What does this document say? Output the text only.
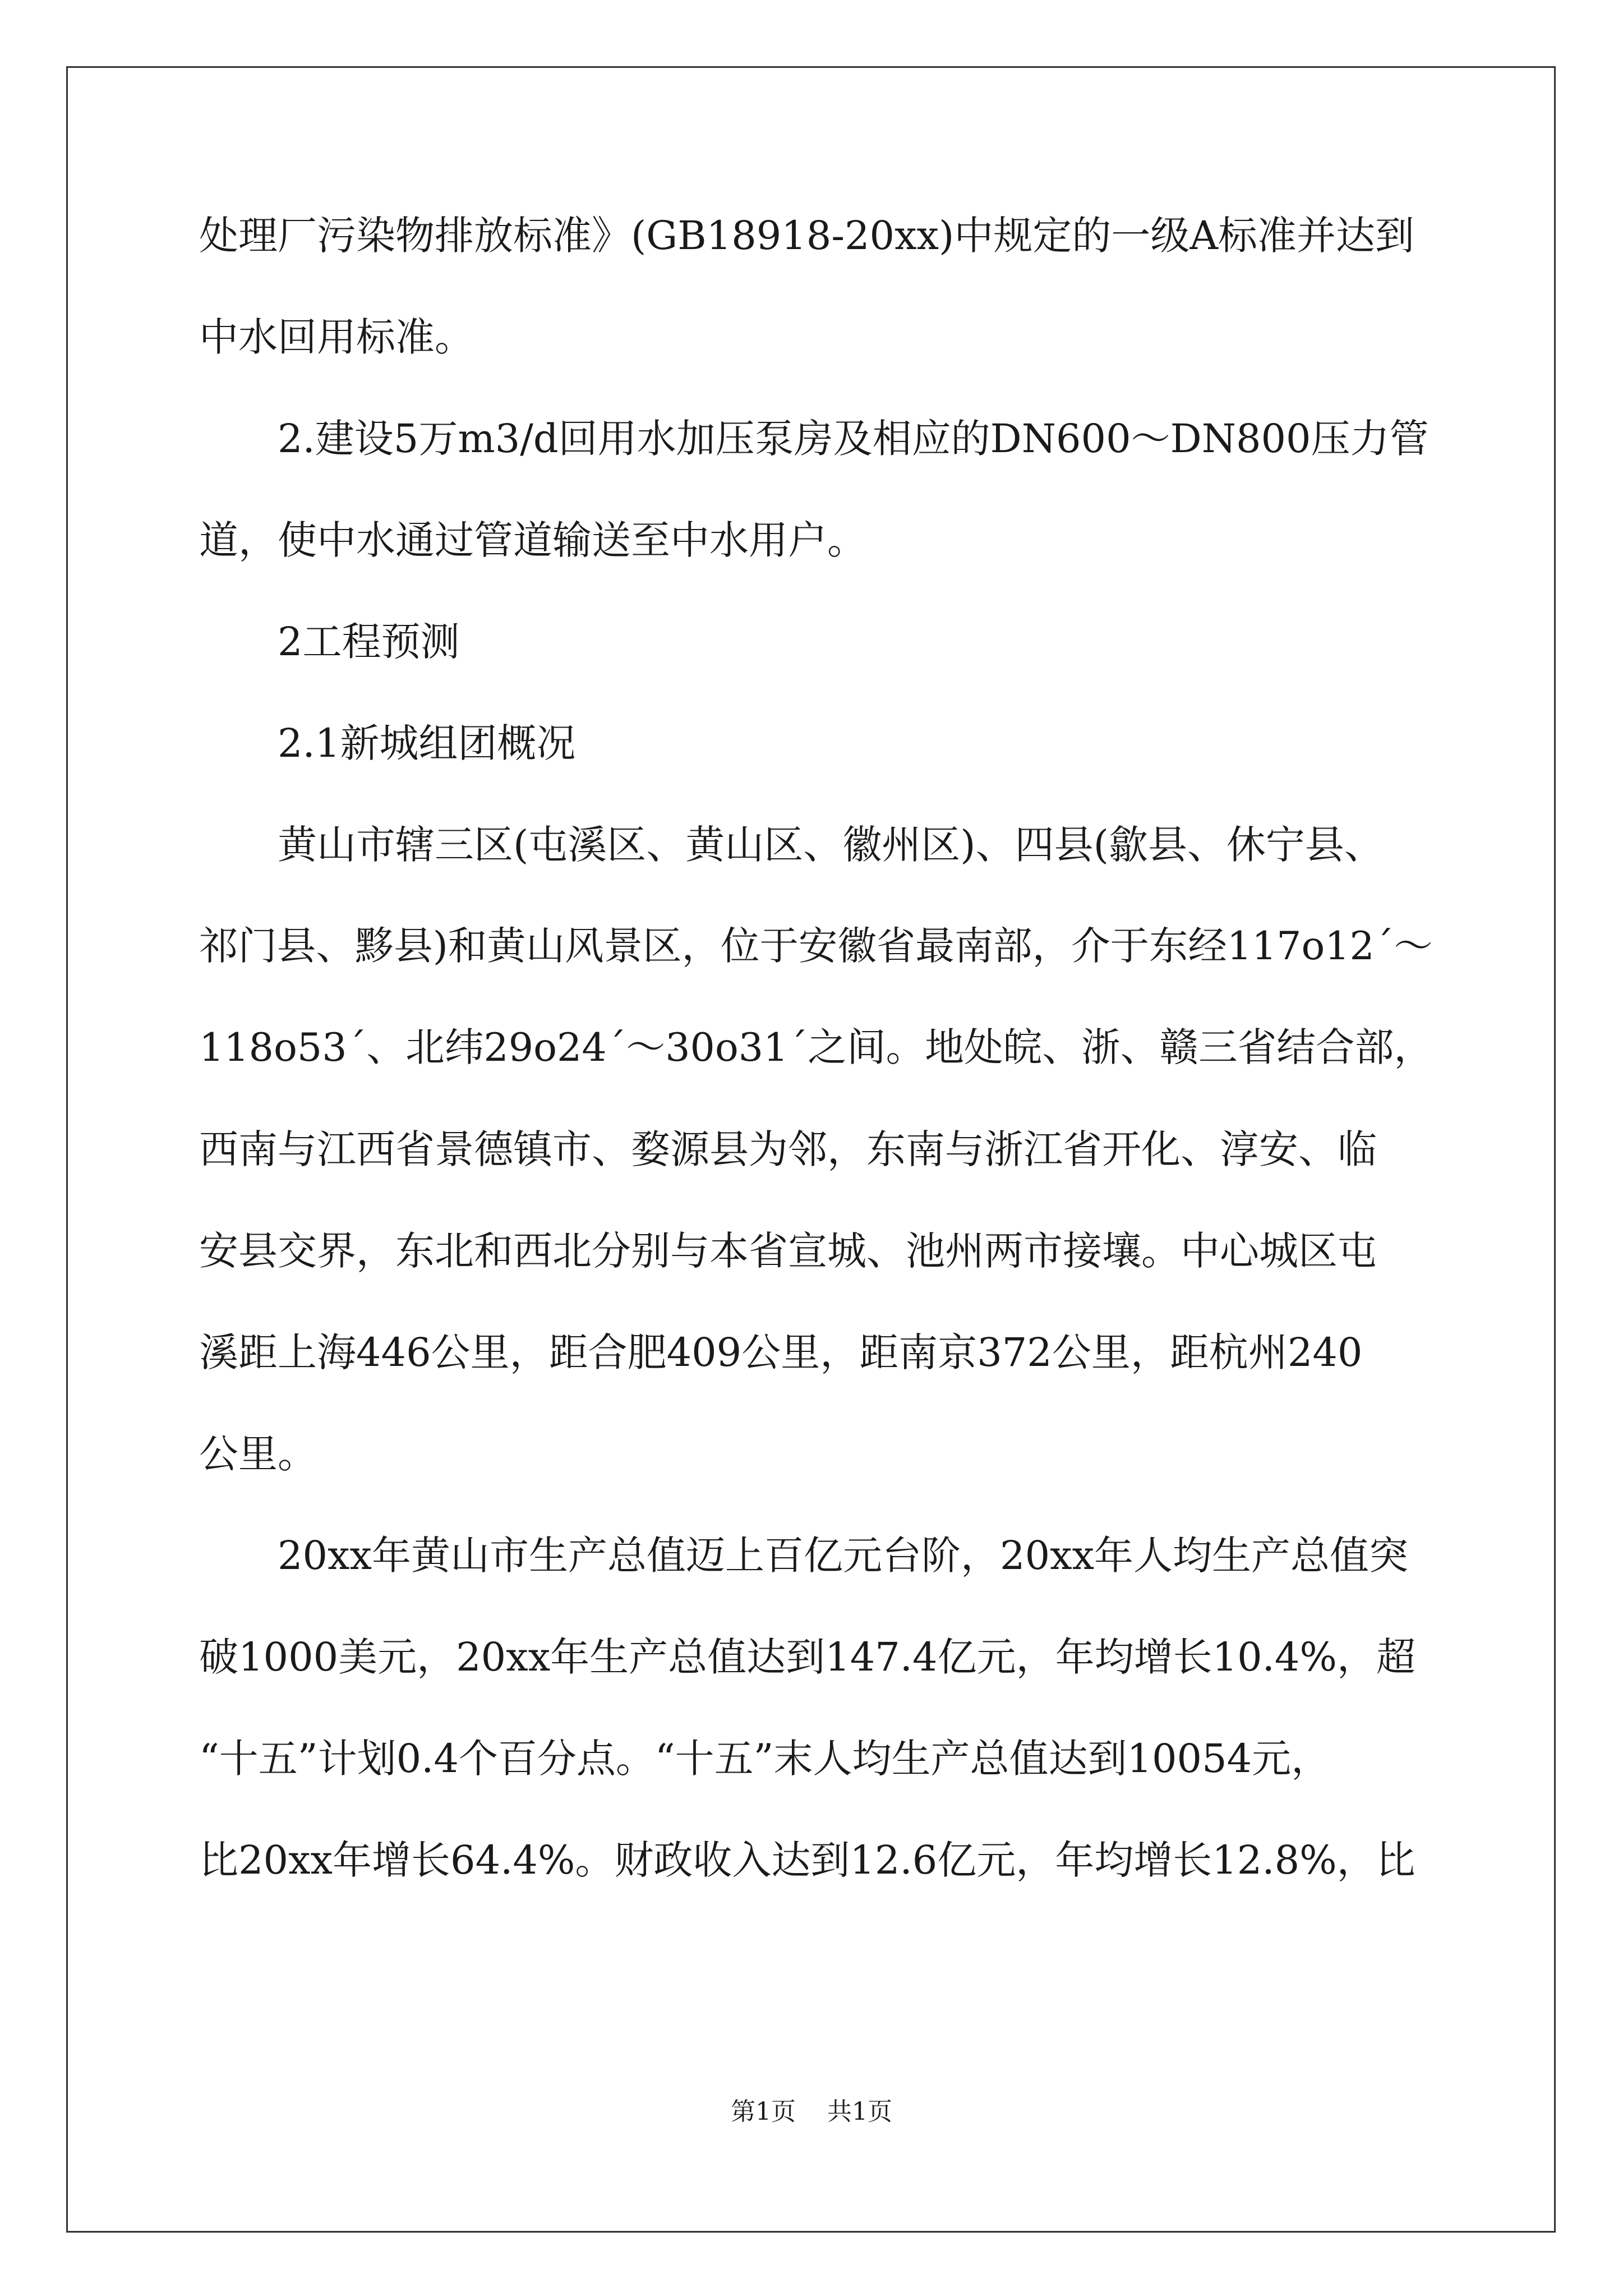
处理厂污染物排放标准》(GB18918-20xx)中规定的一级A标准并达到
中水回用标准。
2.建设5万m3/d回用水加压泵房及相应的DN600～DN800压力管
道，使中水通过管道输送至中水用户。
2工程预测
2.1新城组团概况
黄山市辖三区(屯溪区、黄山区、徽州区)、四县(歙县、休宁县、
祁门县、黟县)和黄山风景区，位于安徽省最南部，介于东经117o12´～
118o53´、北纬29o24´～30o31´之间。地处皖、浙、赣三省结合部，
西南与江西省景德镇市、婺源县为邻，东南与浙江省开化、淳安、临
安县交界，东北和西北分别与本省宣城、池州两市接壤。中心城区屯
溪距上海446公里，距合肥409公里，距南京372公里，距杭州240
公里。
20xx年黄山市生产总值迈上百亿元台阶，20xx年人均生产总值突
破1000美元，20xx年生产总值达到147.4亿元，年均增长10.4%，超
“十五”计划0.4个百分点。“十五”末人均生产总值达到10054元，
比20xx年增长64.4%。财政收入达到12.6亿元，年均增长12.8%，比
第1页    共1页
